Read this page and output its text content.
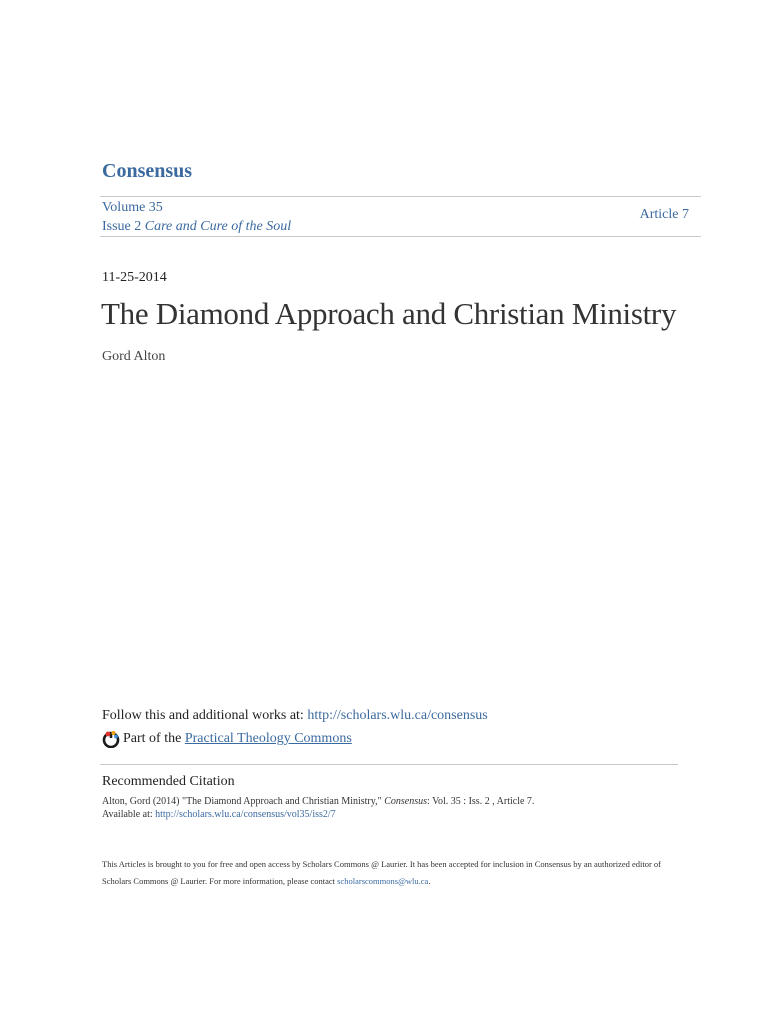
Consensus
Volume 35
Issue 2 Care and Cure of the Soul
Article 7
11-25-2014
The Diamond Approach and Christian Ministry
Gord Alton
Follow this and additional works at: http://scholars.wlu.ca/consensus
Part of the
Practical Theology Commons
Recommended Citation
Alton, Gord (2014) "The Diamond Approach and Christian Ministry," Consensus: Vol. 35 : Iss. 2 , Article 7.
Available at: http://scholars.wlu.ca/consensus/vol35/iss2/7
This Articles is brought to you for free and open access by Scholars Commons @ Laurier. It has been accepted for inclusion in Consensus by an authorized editor of Scholars Commons @ Laurier. For more information, please contact scholarscommons@wlu.ca.
